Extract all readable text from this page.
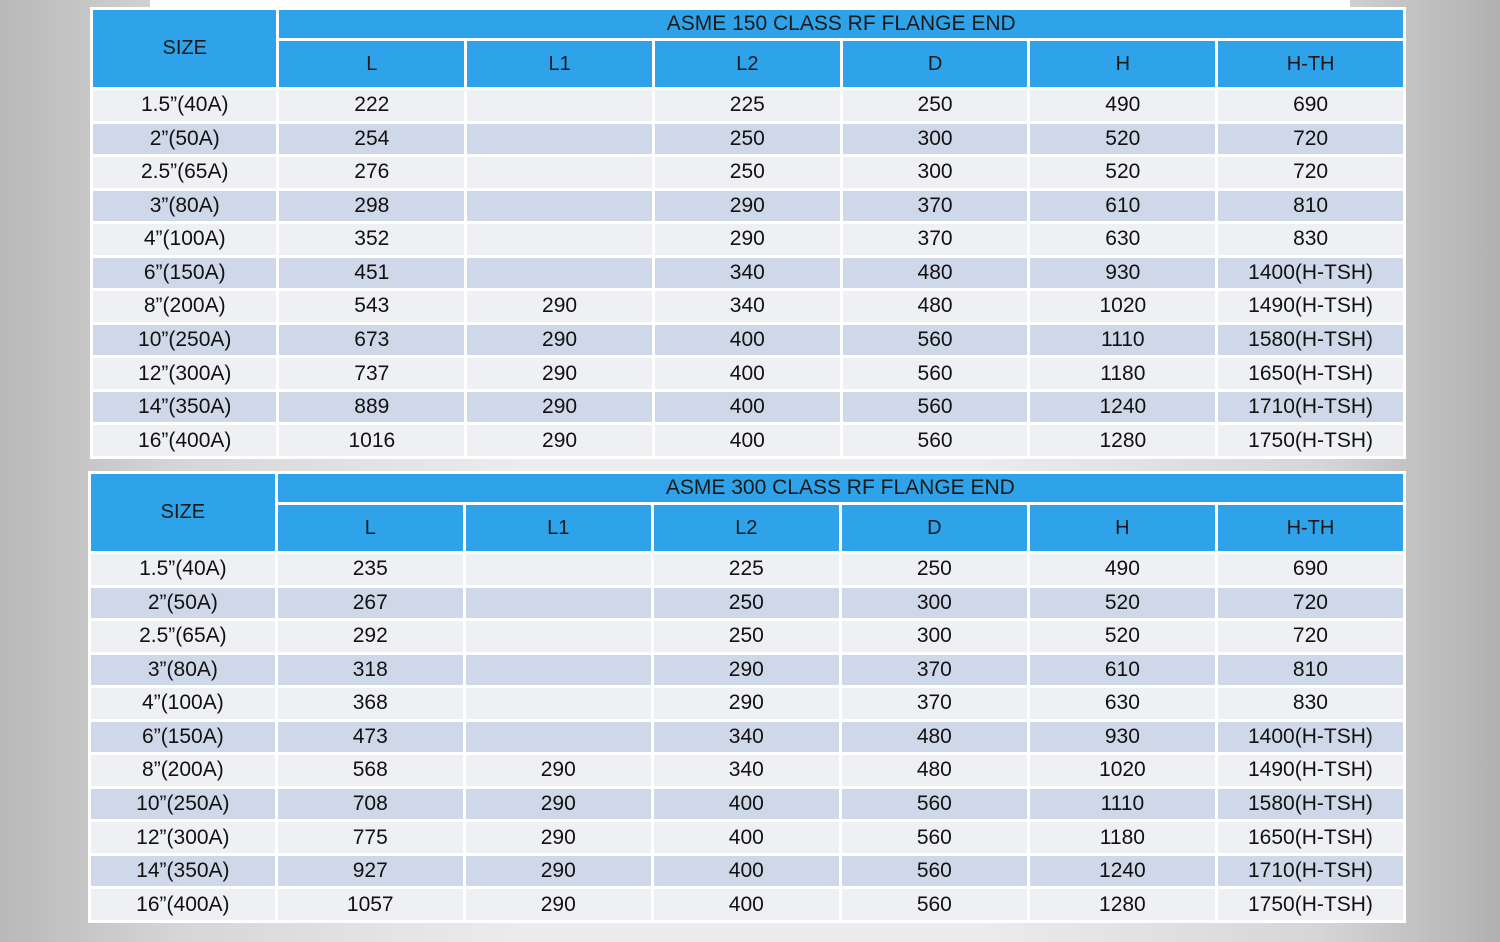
SIZE	ASME 150 CLASS RF FLANGE END					
	L	L1	L2	D	H	H-TH
1.5”(40A)	222		225	250	490	690
2”(50A)	254		250	300	520	720
2.5”(65A)	276		250	300	520	720
3”(80A)	298		290	370	610	810
4”(100A)	352		290	370	630	830
6”(150A)	451		340	480	930	1400(H-TSH)
8”(200A)	543	290	340	480	1020	1490(H-TSH)
10”(250A)	673	290	400	560	1110	1580(H-TSH)
12”(300A)	737	290	400	560	1180	1650(H-TSH)
14”(350A)	889	290	400	560	1240	1710(H-TSH)
16”(400A)	1016	290	400	560	1280	1750(H-TSH)
SIZE	ASME 300 CLASS RF FLANGE END					
	L	L1	L2	D	H	H-TH
1.5”(40A)	235		225	250	490	690
2”(50A)	267		250	300	520	720
2.5”(65A)	292		250	300	520	720
3”(80A)	318		290	370	610	810
4”(100A)	368		290	370	630	830
6”(150A)	473		340	480	930	1400(H-TSH)
8”(200A)	568	290	340	480	1020	1490(H-TSH)
10”(250A)	708	290	400	560	1110	1580(H-TSH)
12”(300A)	775	290	400	560	1180	1650(H-TSH)
14”(350A)	927	290	400	560	1240	1710(H-TSH)
16”(400A)	1057	290	400	560	1280	1750(H-TSH)
